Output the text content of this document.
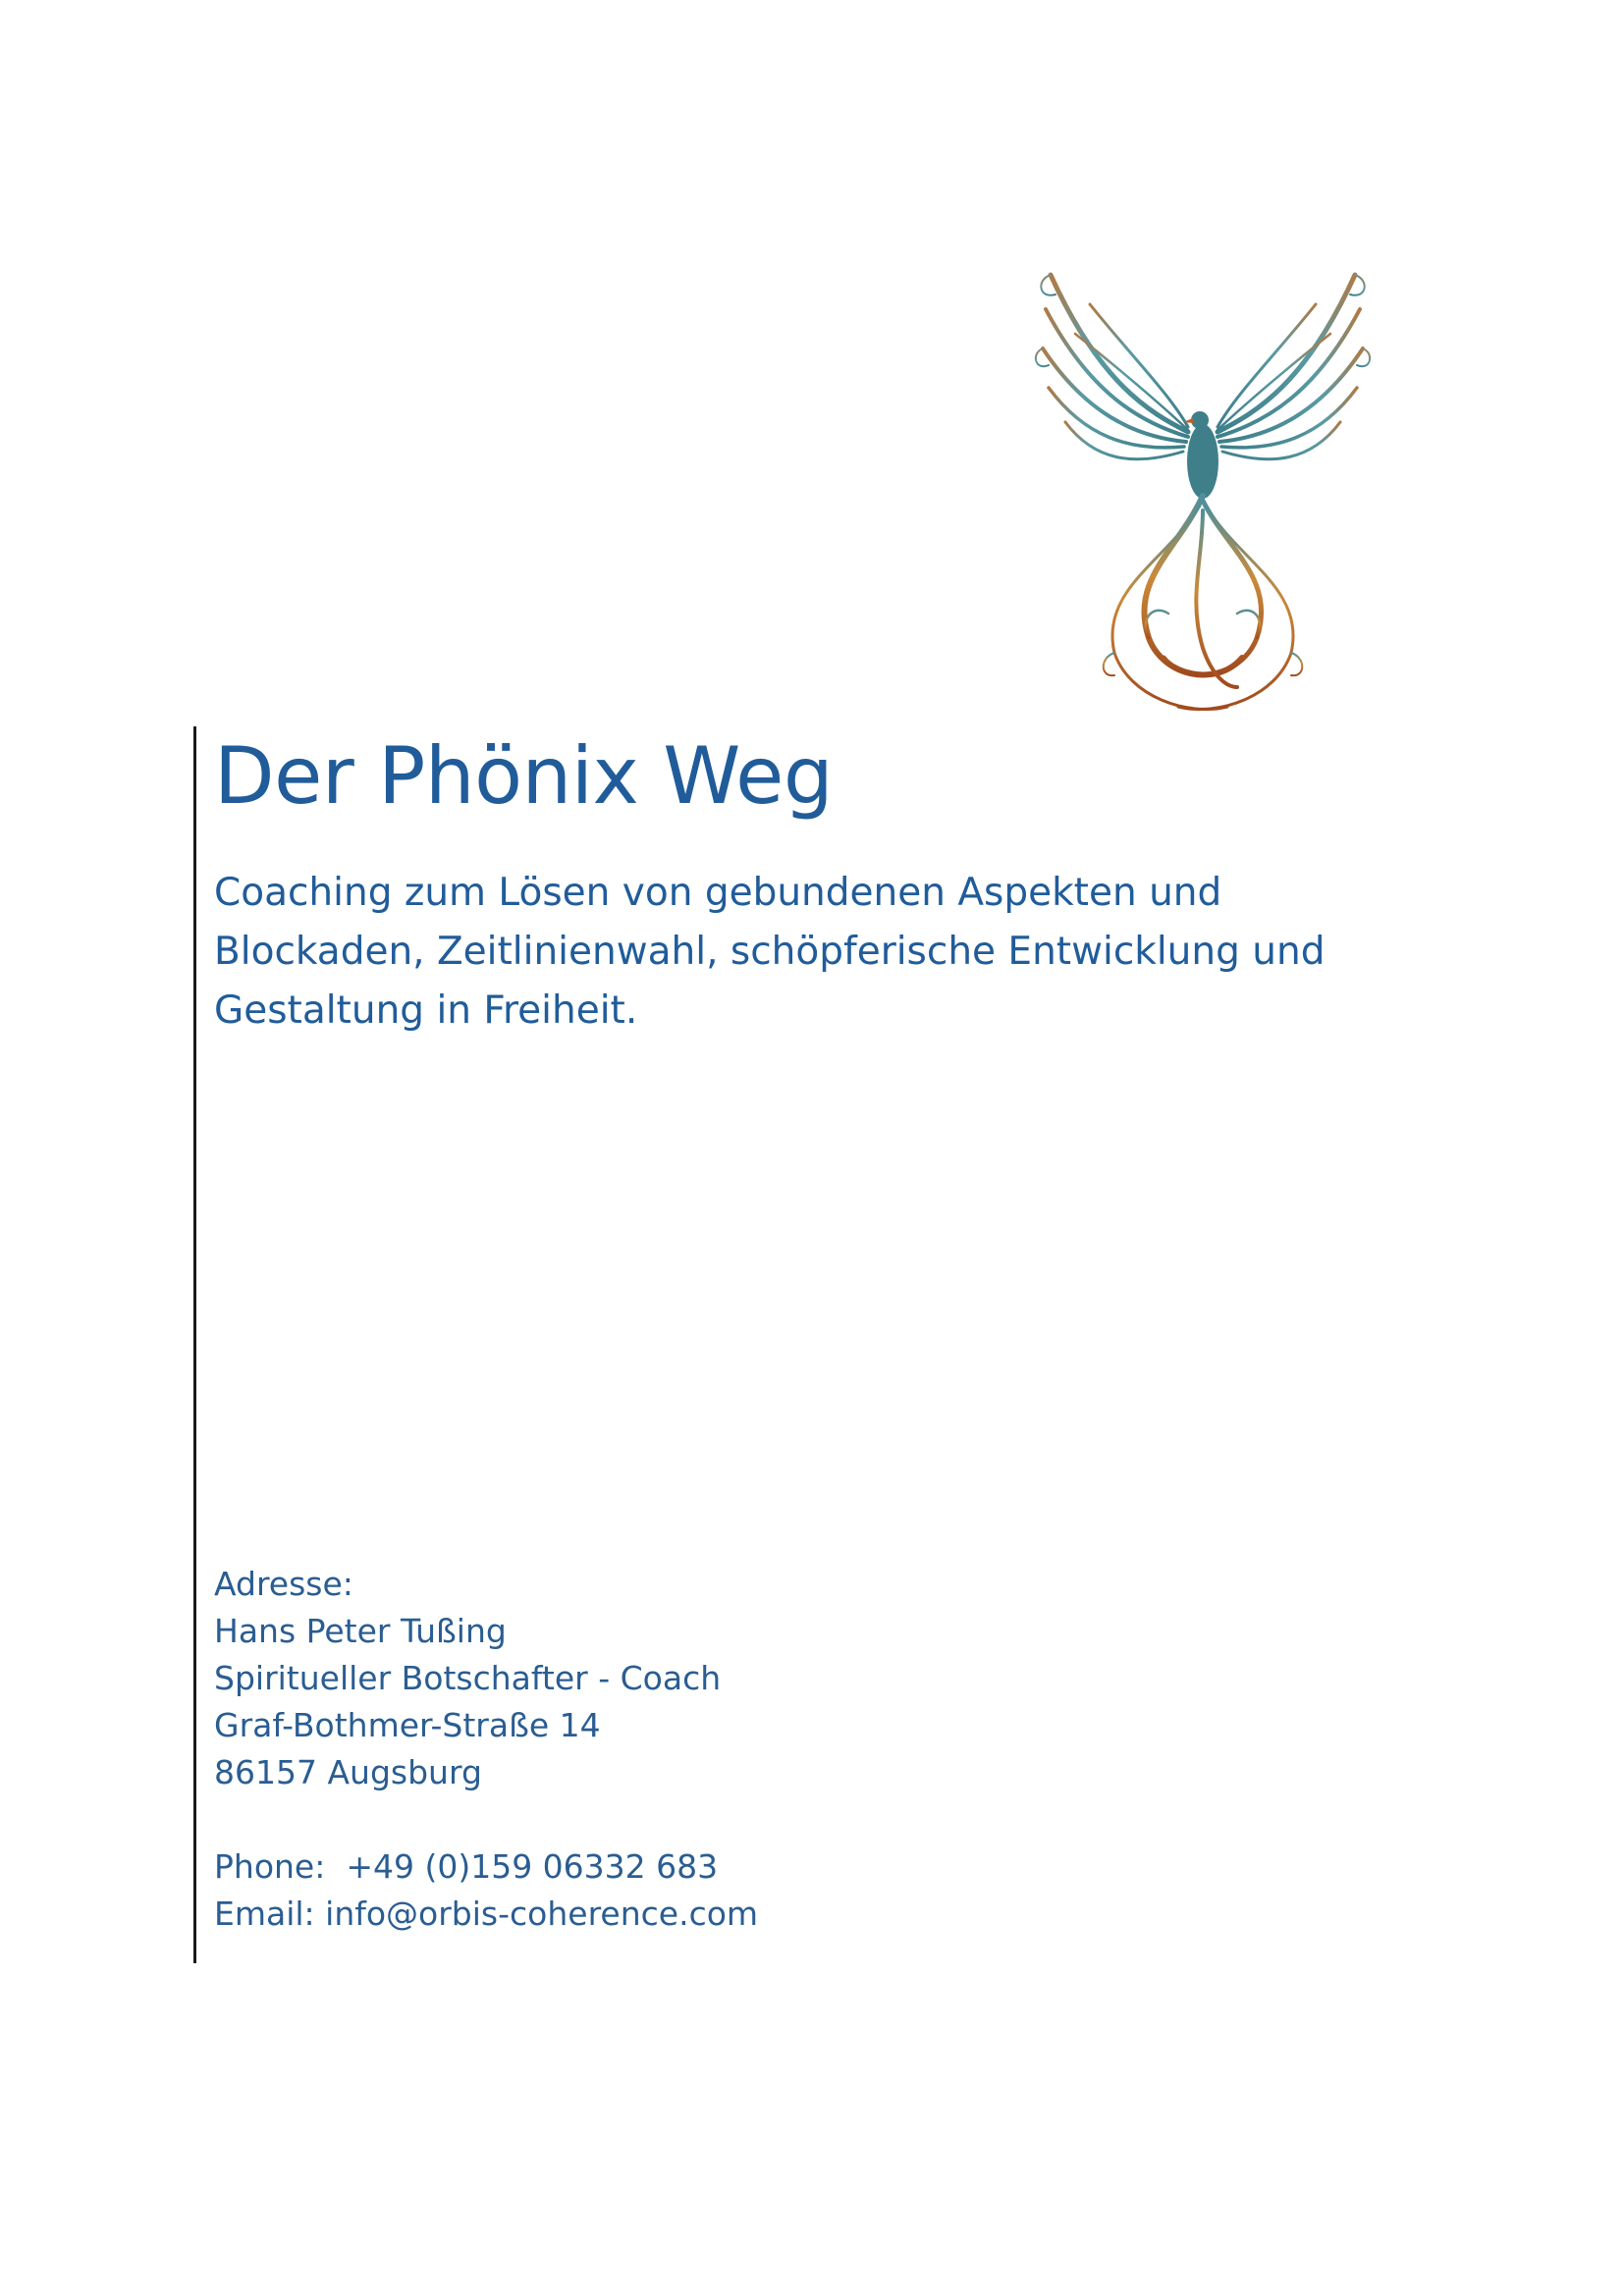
Der Phönix Weg

Coaching zum Lösen von gebundenen Aspekten und Blockaden, Zeitlinienwahl, schöpferische Entwicklung und Gestaltung in Freiheit.

Adresse:
Hans Peter Tußing
Spiritueller Botschafter - Coach
Graf-Bothmer-Straße 14
86157 Augsburg
Phone:  +49 (0)159 06332 683
Email: info@orbis-coherence.com
